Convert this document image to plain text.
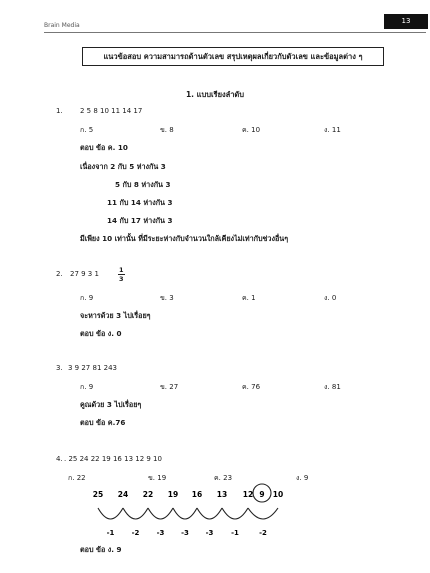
Brain Media
13
แนวข้อสอบ ความสามารถด้านตัวเลข สรุปเหตุผลเกี่ยวกับตัวเลข และข้อมูลต่าง ๆ
1. แบบเรียงลำดับ
1. 2 5 8 10 11 14 17
ก. 5	ข. 8	ค. 10	ง. 11
ตอบ ข้อ ค. 10
เนื่องจาก 2 กับ 5 ห่างกัน 3
5 กับ 8 ห่างกัน 3
11 กับ 14 ห่างกัน 3
14 กับ 17 ห่างกัน 3
มีเพียง 10 เท่านั้น ที่มีระยะห่างกับจำนวนใกล้เคียงไม่เท่ากับช่วงอื่นๆ
2. 27 9 3 1	$\frac{1}{3}$
ก. 9	ข. 3	ค. 1	ง. 0
จะหารด้วย 3 ไปเรื่อยๆ
ตอบ ข้อ ง. 0
3. 3 9 27 81 243
ก. 9	ข. 27	ค. 76	ง. 81
คูณด้วย 3 ไปเรื่อยๆ
ตอบ ข้อ ค.76
4. . 25 24 22 19 16 13 12 9 10
ก. 22	ข. 19	ค. 23	ง. 9
25 24 22 19 16 13 12 9 10
-1 -2 -3 -3 -3	-1	-2
ตอบ ข้อ ง. 9
